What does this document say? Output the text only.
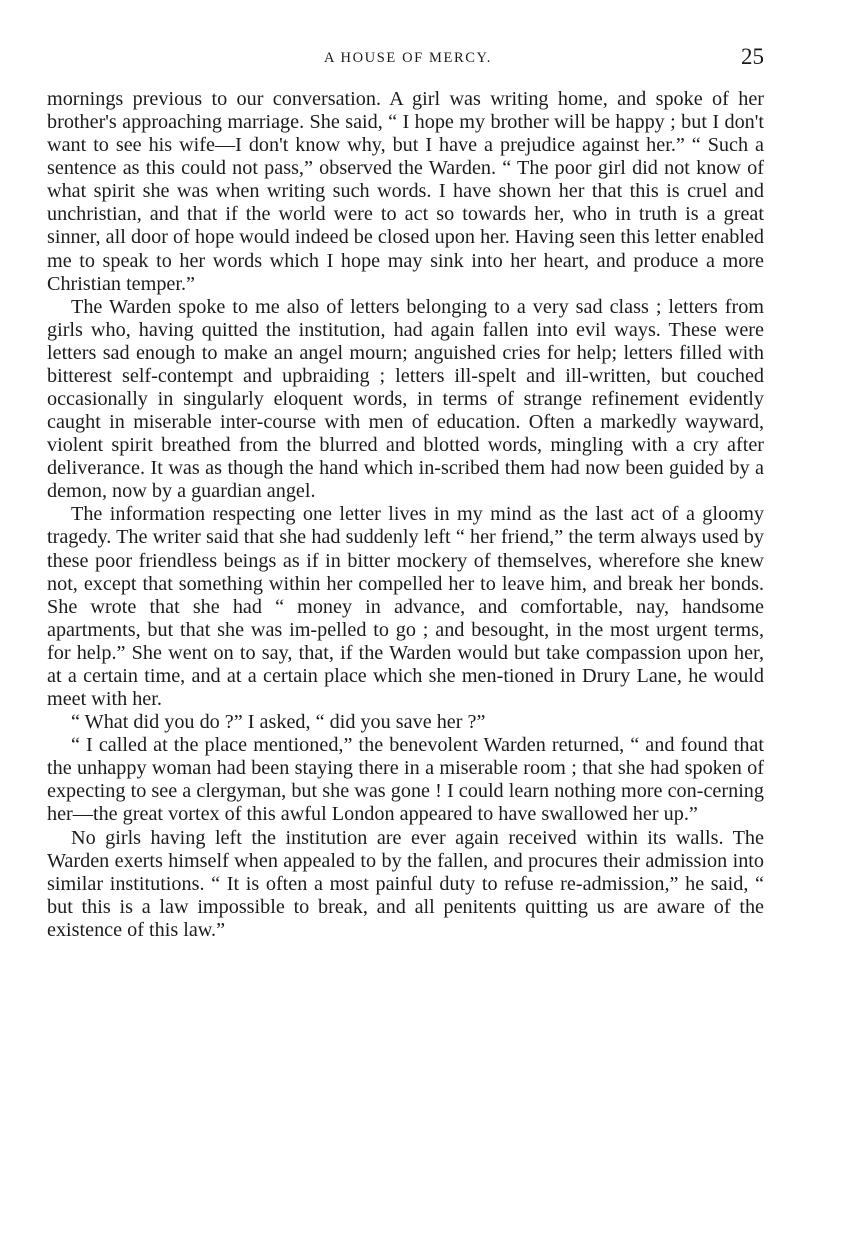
A HOUSE OF MERCY.	25

mornings previous to our conversation. A girl was writing home, and spoke of her brother's approaching marriage. She said, “ I hope my brother will be happy ; but I don't want to see his wife—I don't know why, but I have a prejudice against her.” “ Such a sentence as this could not pass,” observed the Warden. “ The poor girl did not know of what spirit she was when writing such words. I have shown her that this is cruel and unchristian, and that if the world were to act so towards her, who in truth is a great sinner, all door of hope would indeed be closed upon her. Having seen this letter enabled me to speak to her words which I hope may sink into her heart, and produce a more Christian temper.”

The Warden spoke to me also of letters belonging to a very sad class ; letters from girls who, having quitted the institution, had again fallen into evil ways. These were letters sad enough to make an angel mourn; anguished cries for help; letters filled with bitterest self-contempt and upbraiding ; letters ill-spelt and ill-written, but couched occasionally in singularly eloquent words, in terms of strange refinement evidently caught in miserable inter-course with men of education. Often a markedly wayward, violent spirit breathed from the blurred and blotted words, mingling with a cry after deliverance. It was as though the hand which in-scribed them had now been guided by a demon, now by a guardian angel.

The information respecting one letter lives in my mind as the last act of a gloomy tragedy. The writer said that she had suddenly left “ her friend,” the term always used by these poor friendless beings as if in bitter mockery of themselves, wherefore she knew not, except that something within her compelled her to leave him, and break her bonds. She wrote that she had “ money in advance, and comfortable, nay, handsome apartments, but that she was im-pelled to go ; and besought, in the most urgent terms, for help.” She went on to say, that, if the Warden would but take compassion upon her, at a certain time, and at a certain place which she men-tioned in Drury Lane, he would meet with her.

“ What did you do ?” I asked, “ did you save her ?”

“ I called at the place mentioned,” the benevolent Warden returned, “ and found that the unhappy woman had been staying there in a miserable room ; that she had spoken of expecting to see a clergyman, but she was gone ! I could learn nothing more con-cerning her—the great vortex of this awful London appeared to have swallowed her up.”

No girls having left the institution are ever again received within its walls. The Warden exerts himself when appealed to by the fallen, and procures their admission into similar institutions. “ It is often a most painful duty to refuse re-admission,” he said, “ but this is a law impossible to break, and all penitents quitting us are aware of the existence of this law.”
